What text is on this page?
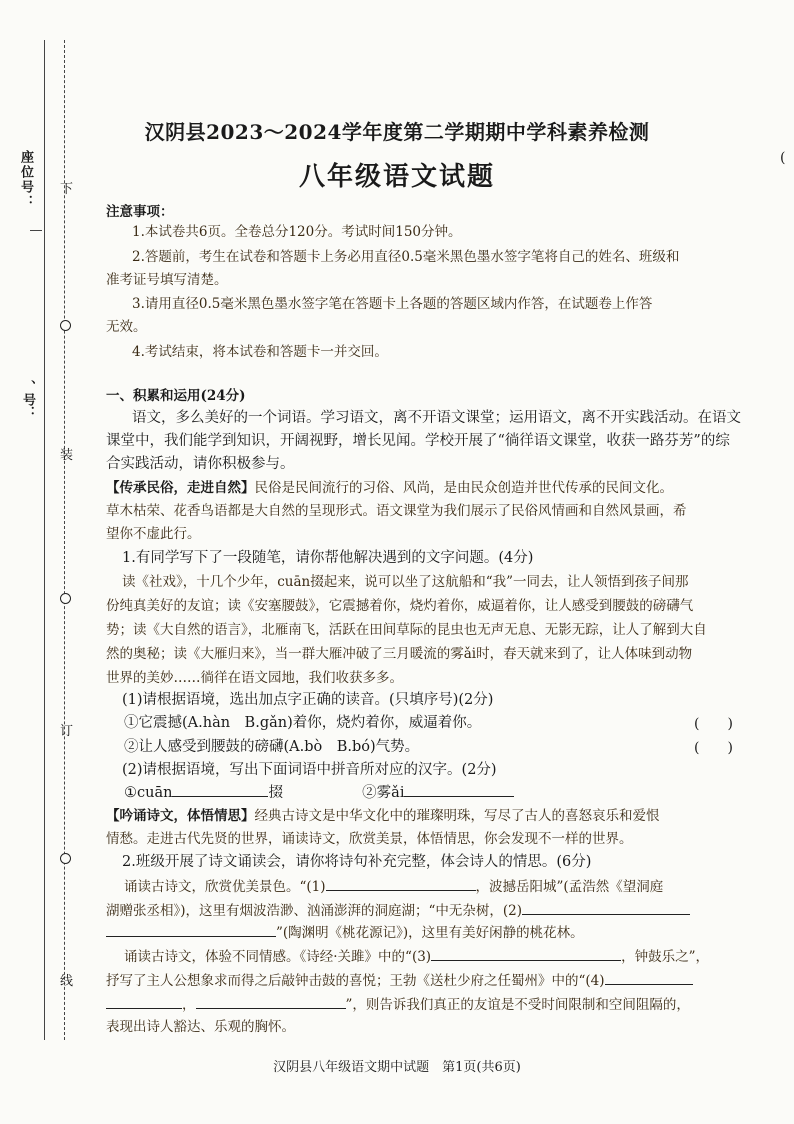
座位号：
、号：
下
装
订
线
(
汉阴县2023～2024学年度第二学期期中学科素养检测
八年级语文试题
注意事项：
1.本试卷共6页。全卷总分120分。考试时间150分钟。
2.答题前，考生在试卷和答题卡上务必用直径0.5毫米黑色墨水签字笔将自己的姓名、班级和
准考证号填写清楚。
3.请用直径0.5毫米黑色墨水签字笔在答题卡上各题的答题区域内作答，在试题卷上作答
无效。
4.考试结束，将本试卷和答题卡一并交回。
一、积累和运用(24分)
语文，多么美好的一个词语。学习语文，离不开语文课堂；运用语文，离不开实践活动。在语文
课堂中，我们能学到知识，开阔视野，增长见闻。学校开展了“徜徉语文课堂，收获一路芬芳”的综
合实践活动，请你积极参与。
【传承民俗，走进自然】民俗是民间流行的习俗、风尚，是由民众创造并世代传承的民间文化。
草木枯荣、花香鸟语都是大自然的呈现形式。语文课堂为我们展示了民俗风情画和自然风景画，希
望你不虚此行。
1.有同学写下了一段随笔，请你帮他解决遇到的文字问题。(4分)
读《社戏》，十几个少年，cuān掇起来，说可以坐了这航船和“我”一同去，让人领悟到孩子间那
份纯真美好的友谊；读《安塞腰鼓》，它震撼着你，烧灼着你，威逼着你，让人感受到腰鼓的磅礴气
势；读《大自然的语言》，北雁南飞，活跃在田间草际的昆虫也无声无息、无影无踪，让人了解到大自
然的奥秘；读《大雁归来》，当一群大雁冲破了三月暖流的雾ǎi时，春天就来到了，让人体味到动物
世界的美妙……徜徉在语文园地，我们收获多多。
(1)请根据语境，选出加点字正确的读音。(只填序号)(2分)
①它震撼(A.hàn　B.gǎn)着你，烧灼着你，威逼着你。	(　　)
②让人感受到腰鼓的磅礴(A.bò　B.bó)气势。	(　　)
(2)请根据语境，写出下面词语中拼音所对应的汉字。(2分)
①cuān	掇	②雾ǎi
【吟诵诗文，体悟情思】经典古诗文是中华文化中的璀璨明珠，写尽了古人的喜怒哀乐和爱恨
情愁。走进古代先贤的世界，诵读诗文，欣赏美景，体悟情思，你会发现不一样的世界。
2.班级开展了诗文诵读会，请你将诗句补充完整，体会诗人的情思。(6分)
诵读古诗文，欣赏优美景色。“(1)	，波撼岳阳城”(孟浩然《望洞庭
湖赠张丞相》)，这里有烟波浩渺、汹涌澎湃的洞庭湖；“中无杂树，(2)
”(陶渊明《桃花源记》)，这里有美好闲静的桃花林。
诵读古诗文，体验不同情感。《诗经·关雎》中的“(3)	，钟鼓乐之”，
抒写了主人公想象求而得之后敲钟击鼓的喜悦；王勃《送杜少府之任蜀州》中的“(4)
，	”，则告诉我们真正的友谊是不受时间限制和空间阻隔的，
表现出诗人豁达、乐观的胸怀。
汉阴县八年级语文期中试题　第1页(共6页)
